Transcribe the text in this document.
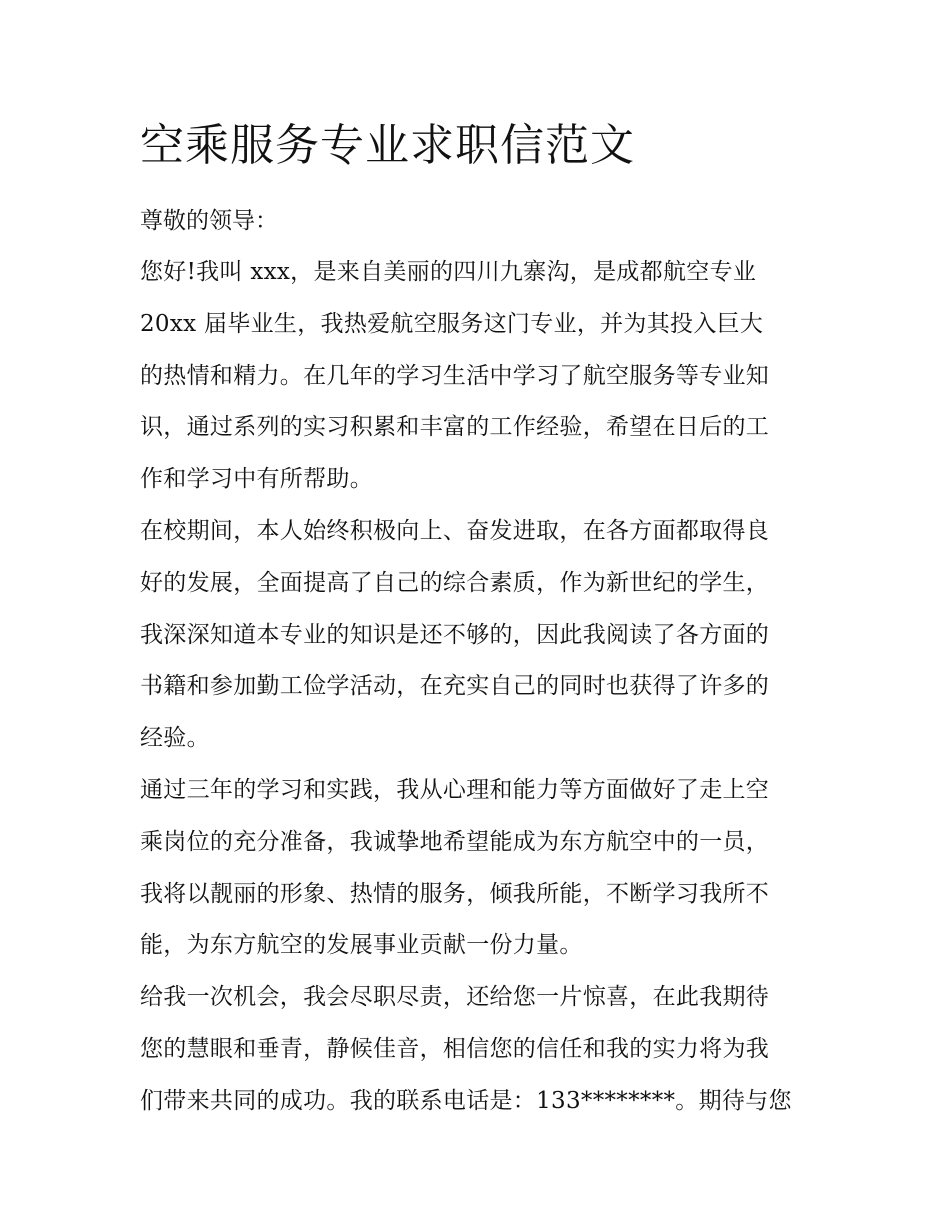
空乘服务专业求职信范文

尊敬的领导：

您好!我叫 xxx，是来自美丽的四川九寨沟，是成都航空专业
20xx 届毕业生，我热爱航空服务这门专业，并为其投入巨大
的热情和精力。在几年的学习生活中学习了航空服务等专业知
识，通过系列的实习积累和丰富的工作经验，希望在日后的工
作和学习中有所帮助。
在校期间，本人始终积极向上、奋发进取，在各方面都取得良
好的发展，全面提高了自己的综合素质，作为新世纪的学生，
我深深知道本专业的知识是还不够的，因此我阅读了各方面的
书籍和参加勤工俭学活动，在充实自己的同时也获得了许多的
经验。
通过三年的学习和实践，我从心理和能力等方面做好了走上空
乘岗位的充分准备，我诚挚地希望能成为东方航空中的一员，
我将以靓丽的形象、热情的服务，倾我所能，不断学习我所不
能，为东方航空的发展事业贡献一份力量。
给我一次机会，我会尽职尽责，还给您一片惊喜，在此我期待
您的慧眼和垂青，静候佳音，相信您的信任和我的实力将为我
们带来共同的成功。我的联系电话是：133********。期待与您
